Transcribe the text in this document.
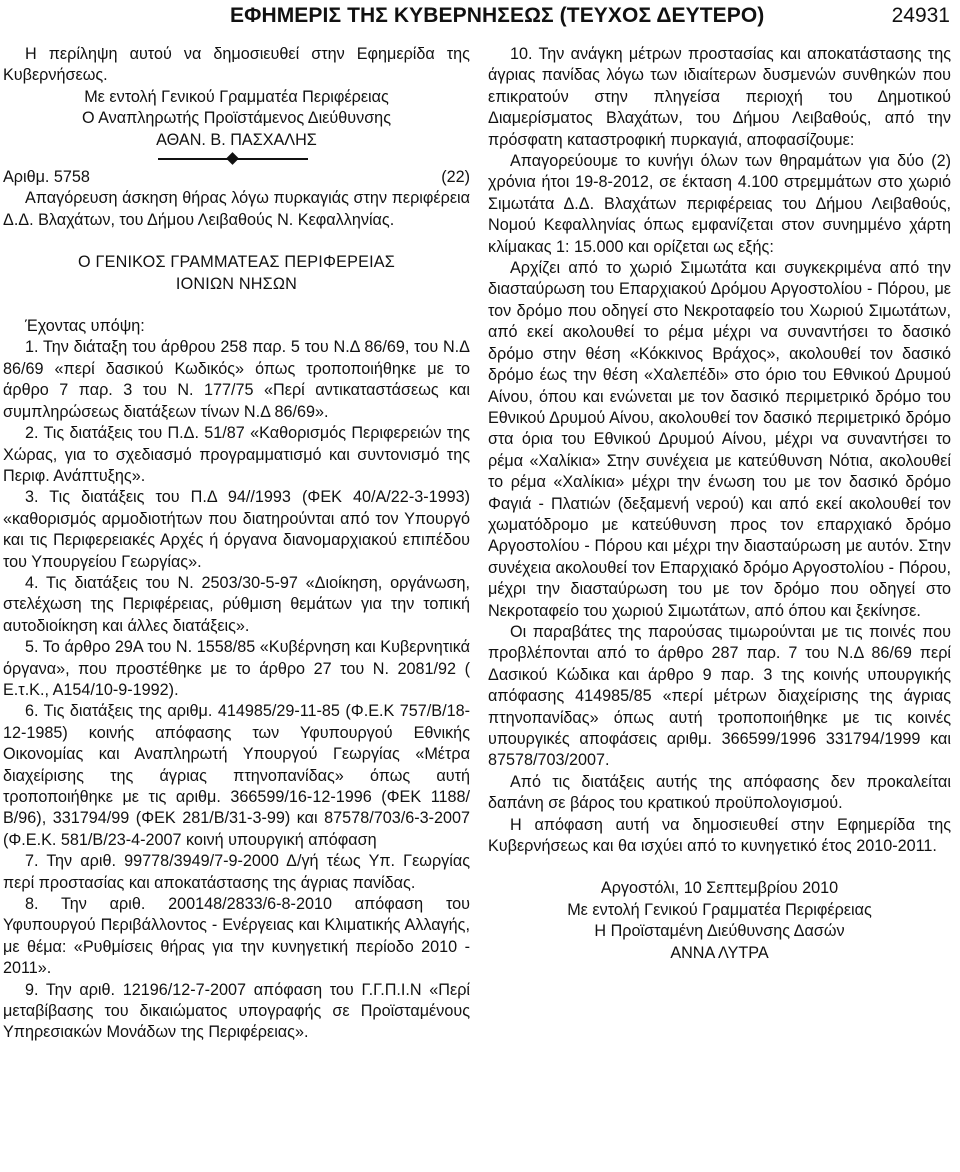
ΕΦΗΜΕΡΙΣ ΤΗΣ ΚΥΒΕΡΝΗΣΕΩΣ (ΤΕΥΧΟΣ ΔΕΥΤΕΡΟ)	24931

Η περίληψη αυτού να δημοσιευθεί στην Εφημερίδα της Κυβερνήσεως.

Με εντολή Γενικού Γραμματέα Περιφέρειας

Ο Αναπληρωτής Προϊστάμενος Διεύθυνσης

ΑΘΑΝ. Β. ΠΑΣΧΑΛΗΣ

Αριθμ. 5758	(22)

Απαγόρευση άσκηση θήρας λόγω πυρκαγιάς στην περιφέρεια Δ.Δ. Βλαχάτων, του Δήμου Λειβαθούς Ν. Κεφαλληνίας.

Ο ΓΕΝΙΚΟΣ ΓΡΑΜΜΑΤΕΑΣ ΠΕΡΙΦΕΡΕΙΑΣ

ΙΟΝΙΩΝ ΝΗΣΩΝ

Έχοντας υπόψη:

1. Την διάταξη του άρθρου 258 παρ. 5 του Ν.Δ 86/69, του Ν.Δ 86/69 «περί δασικού Κωδικός» όπως τροποποιήθηκε με το άρθρο 7 παρ. 3 του Ν. 177/75 «Περί αντικαταστάσεως και συμπληρώσεως διατάξεων τίνων Ν.Δ 86/69».

2. Τις διατάξεις του Π.Δ. 51/87 «Καθορισμός Περιφερειών της Χώρας, για το σχεδιασμό προγραμματισμό και συντονισμό της Περιφ. Ανάπτυξης».

3. Τις διατάξεις του Π.Δ 94//1993 (ΦΕΚ 40/Α/22-3-1993) «καθορισμός αρμοδιοτήτων που διατηρούνται από τον Υπουργό και τις Περιφερειακές Αρχές ή όργανα διανομαρχιακού επιπέδου του Υπουργείου Γεωργίας».

4. Τις διατάξεις του Ν. 2503/30-5-97 «Διοίκηση, οργάνωση, στελέχωση της Περιφέρειας, ρύθμιση θεμάτων για την τοπική αυτοδιοίκηση και άλλες διατάξεις».

5. Το άρθρο 29Α του Ν. 1558/85 «Κυβέρνηση και Κυβερνητικά όργανα», που προστέθηκε με το άρθρο 27 του Ν. 2081/92 ( Ε.τ.Κ., Α154/10-9-1992).

6. Τις διατάξεις της αριθμ. 414985/29-11-85 (Φ.Ε.Κ 757/Β/18-12-1985) κοινής απόφασης των Υφυπουργού Εθνικής Οικονομίας και Αναπληρωτή Υπουργού Γεωργίας «Μέτρα διαχείρισης της άγριας πτηνοπανίδας» όπως αυτή τροποποιήθηκε με τις αριθμ. 366599/16-12-1996 (ΦΕΚ 1188/Β/96), 331794/99 (ΦΕΚ 281/Β/31-3-99) και 87578/703/6-3-2007 (Φ.Ε.Κ. 581/Β/23-4-2007 κοινή υπουργική απόφαση

7. Την αριθ. 99778/3949/7-9-2000 Δ/γή τέως Υπ. Γεωργίας περί προστασίας και αποκατάστασης της άγριας πανίδας.

8. Την αριθ. 200148/2833/6-8-2010 απόφαση του Υφυπουργού Περιβάλλοντος - Ενέργειας και Κλιματικής Αλλαγής, με θέμα: «Ρυθμίσεις θήρας για την κυνηγετική περίοδο 2010 - 2011».

9. Την αριθ. 12196/12-7-2007 απόφαση του Γ.Γ.Π.Ι.Ν «Περί μεταβίβασης του δικαιώματος υπογραφής σε Προϊσταμένους Υπηρεσιακών Μονάδων της Περιφέρειας».

10. Την ανάγκη μέτρων προστασίας και αποκατάστασης της άγριας πανίδας λόγω των ιδιαίτερων δυσμενών συνθηκών που επικρατούν στην πληγείσα περιοχή του Δημοτικού Διαμερίσματος Βλαχάτων, του Δήμου Λειβαθούς, από την πρόσφατη καταστροφική πυρκαγιά, αποφασίζουμε:

Απαγορεύουμε το κυνήγι όλων των θηραμάτων για δύο (2) χρόνια ήτοι 19-8-2012, σε έκταση 4.100 στρεμμάτων στο χωριό Σιμωτάτα Δ.Δ. Βλαχάτων περιφέρειας του Δήμου Λειβαθούς, Νομού Κεφαλληνίας όπως εμφανίζεται στον συνημμένο χάρτη κλίμακας 1: 15.000 και ορίζεται ως εξής:

Αρχίζει από το χωριό Σιμωτάτα και συγκεκριμένα από την διασταύρωση του Επαρχιακού Δρόμου Αργοστολίου - Πόρου, με τον δρόμο που οδηγεί στο Νεκροταφείο του Χωριού Σιμωτάτων, από εκεί ακολουθεί το ρέμα μέχρι να συναντήσει το δασικό δρόμο στην θέση «Κόκκινος Βράχος», ακολουθεί τον δασικό δρόμο έως την θέση «Χαλεπέδι» στο όριο του Εθνικού Δρυμού Αίνου, όπου και ενώνεται με τον δασικό περιμετρικό δρόμο του Εθνικού Δρυμού Αίνου, ακολουθεί τον δασικό περιμετρικό δρόμο στα όρια του Εθνικού Δρυμού Αίνου, μέχρι να συναντήσει το ρέμα «Χαλίκια» Στην συνέχεια με κατεύθυνση Νότια, ακολουθεί το ρέμα «Χαλίκια» μέχρι την ένωση του με τον δασικό δρόμο Φαγιά - Πλατιών (δεξαμενή νερού) και από εκεί ακολουθεί τον χωματόδρομο με κατεύθυνση προς τον επαρχιακό δρόμο Αργοστολίου - Πόρου και μέχρι την διασταύρωση με αυτόν. Στην συνέχεια ακολουθεί τον Επαρχιακό δρόμο Αργοστολίου - Πόρου, μέχρι την διασταύρωση του με τον δρόμο που οδηγεί στο Νεκροταφείο του χωριού Σιμωτάτων, από όπου και ξεκίνησε.

Οι παραβάτες της παρούσας τιμωρούνται με τις ποινές που προβλέπονται από το άρθρο 287 παρ. 7 του Ν.Δ 86/69 περί Δασικού Κώδικα και άρθρο 9 παρ. 3 της κοινής υπουργικής απόφασης 414985/85 «περί μέτρων διαχείρισης της άγριας πτηνοπανίδας» όπως αυτή τροποποιήθηκε με τις κοινές υπουργικές αποφάσεις αριθμ. 366599/1996 331794/1999 και 87578/703/2007.

Από τις διατάξεις αυτής της απόφασης δεν προκαλείται δαπάνη σε βάρος του κρατικού προϋπολογισμού.

Η απόφαση αυτή να δημοσιευθεί στην Εφημερίδα της Κυβερνήσεως και θα ισχύει από το κυνηγετικό έτος 2010-2011.

Αργοστόλι, 10 Σεπτεμβρίου 2010

Με εντολή Γενικού Γραμματέα Περιφέρειας

Η Προϊσταμένη Διεύθυνσης Δασών

ΑΝΝΑ ΛΥΤΡΑ
